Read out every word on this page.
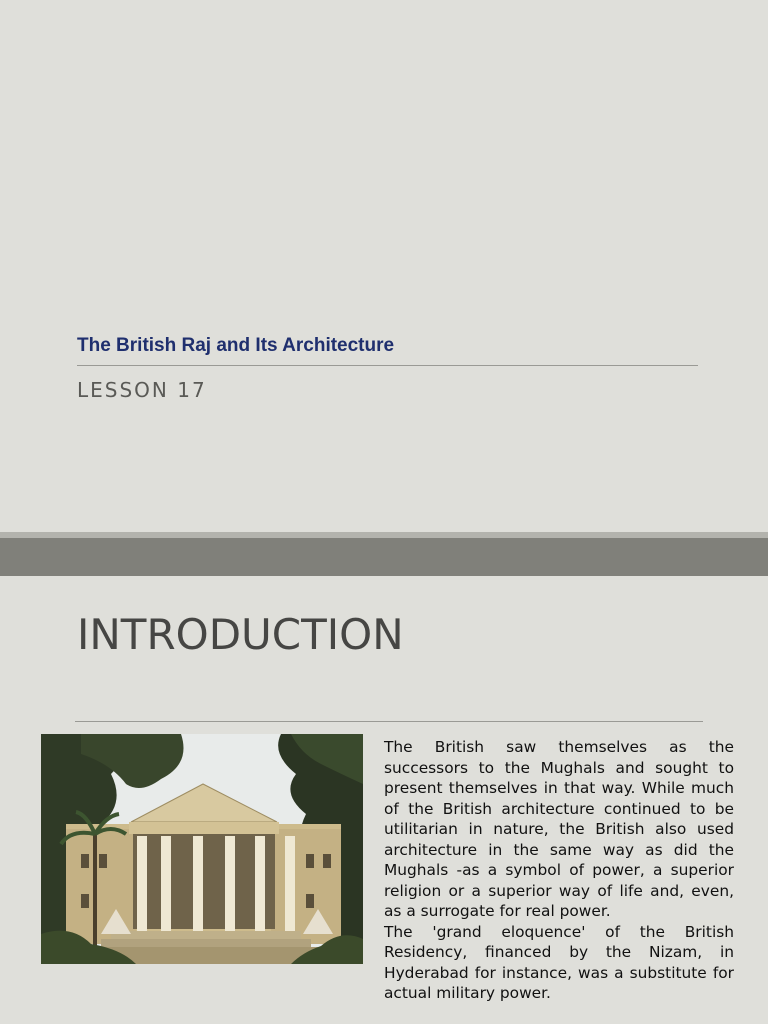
The British Raj and Its Architecture
LESSON 17
INTRODUCTION

The British saw themselves as the successors to the Mughals and sought to present themselves in that way. While much of the British architecture continued to be utilitarian in nature, the British also used architecture in the same way as did the Mughals -as a symbol of power, a superior religion or a superior way of life and, even, as a surrogate for real power.

The 'grand eloquence' of the British Residency, financed by the Nizam, in Hyderabad for instance, was a substitute for actual military power.
